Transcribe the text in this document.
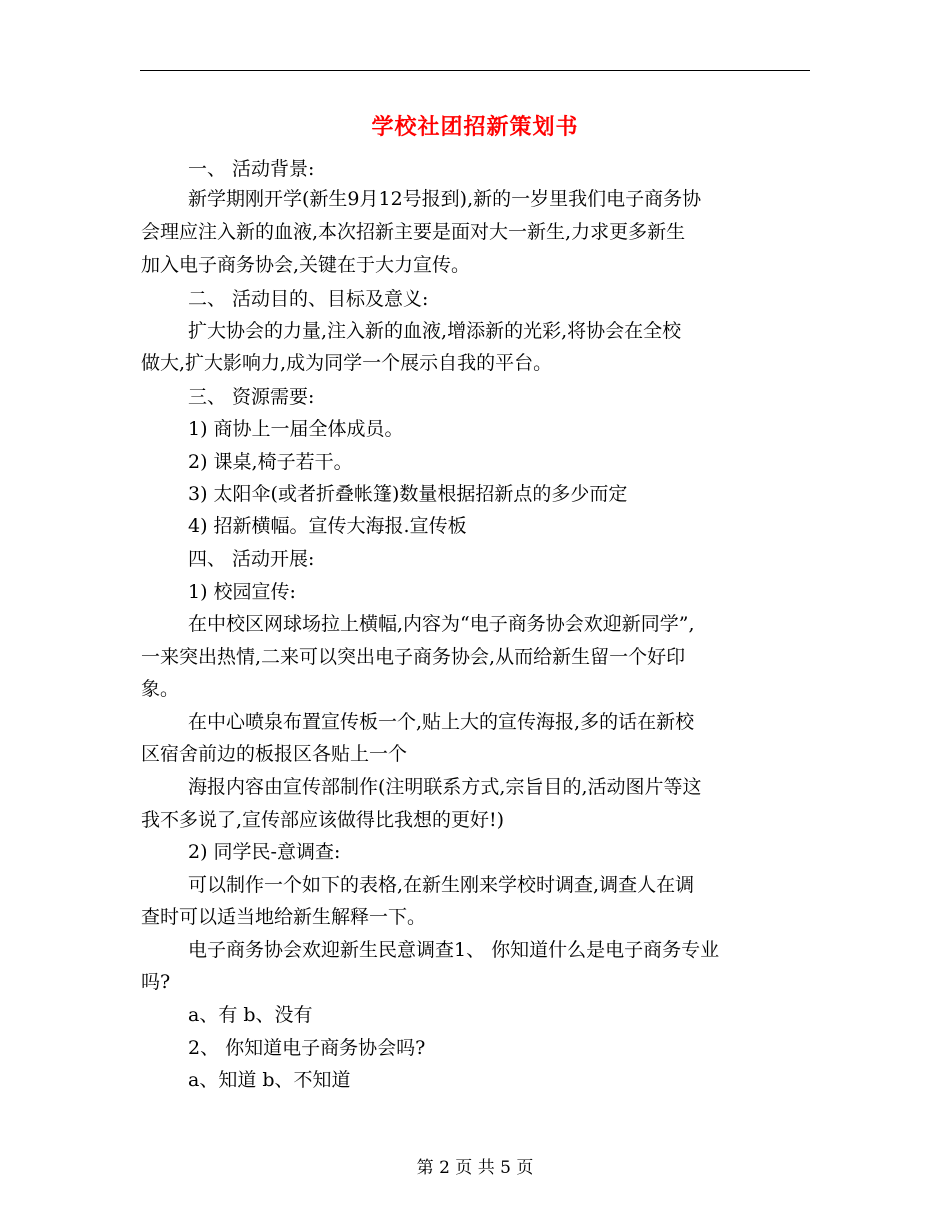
学校社团招新策划书
一、 活动背景:
新学期刚开学(新生9月12号报到),新的一岁里我们电子商务协
会理应注入新的血液,本次招新主要是面对大一新生,力求更多新生
加入电子商务协会,关键在于大力宣传。
二、 活动目的、目标及意义:
扩大协会的力量,注入新的血液,增添新的光彩,将协会在全校
做大,扩大影响力,成为同学一个展示自我的平台。
三、 资源需要:
1) 商协上一届全体成员。
2) 课桌,椅子若干。
3) 太阳伞(或者折叠帐篷)数量根据招新点的多少而定
4) 招新横幅。宣传大海报.宣传板
四、 活动开展:
1) 校园宣传:
在中校区网球场拉上横幅,内容为“电子商务协会欢迎新同学”,
一来突出热情,二来可以突出电子商务协会,从而给新生留一个好印
象。
在中心喷泉布置宣传板一个,贴上大的宣传海报,多的话在新校
区宿舍前边的板报区各贴上一个
海报内容由宣传部制作(注明联系方式,宗旨目的,活动图片等这
我不多说了,宣传部应该做得比我想的更好!)
2) 同学民-意调查:
可以制作一个如下的表格,在新生刚来学校时调查,调查人在调
查时可以适当地给新生解释一下。
电子商务协会欢迎新生民意调查1、 你知道什么是电子商务专业
吗?
a、有 b、没有
2、 你知道电子商务协会吗?
a、知道 b、不知道
第 2 页 共 5 页
